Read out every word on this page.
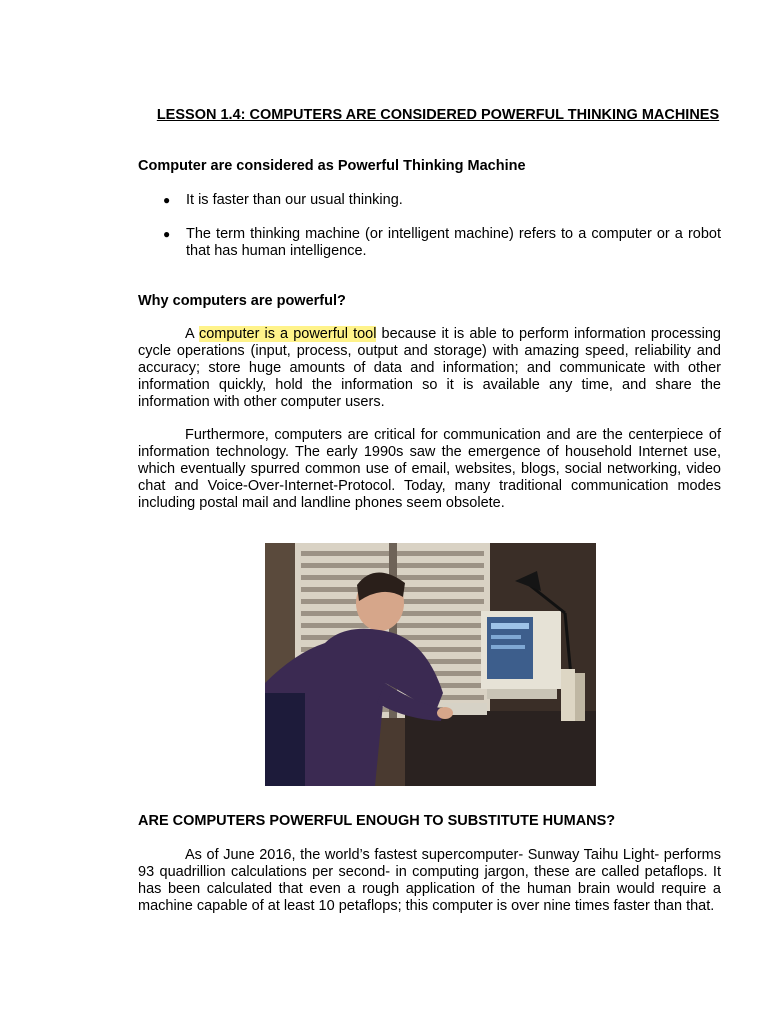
LESSON 1.4: COMPUTERS ARE CONSIDERED POWERFUL THINKING MACHINES
Computer are considered as Powerful Thinking Machine
● It is faster than our usual thinking.
● The term thinking machine (or intelligent machine) refers to a computer or a robot that has human intelligence.
Why computers are powerful?
A computer is a powerful tool because it is able to perform information processing cycle operations (input, process, output and storage) with amazing speed, reliability and accuracy; store huge amounts of data and information; and communicate with other information quickly, hold the information so it is available any time, and share the information with other computer users.
Furthermore, computers are critical for communication and are the centerpiece of information technology. The early 1990s saw the emergence of household Internet use, which eventually spurred common use of email, websites, blogs, social networking, video chat and Voice-Over-Internet-Protocol. Today, many traditional communication modes including postal mail and landline phones seem obsolete.
ARE COMPUTERS POWERFUL ENOUGH TO SUBSTITUTE HUMANS?
As of June 2016, the world’s fastest supercomputer- Sunway Taihu Light- performs 93 quadrillion calculations per second- in computing jargon, these are called petaflops. It has been calculated that even a rough application of the human brain would require a machine capable of at least 10 petaflops; this computer is over nine times faster than that.
